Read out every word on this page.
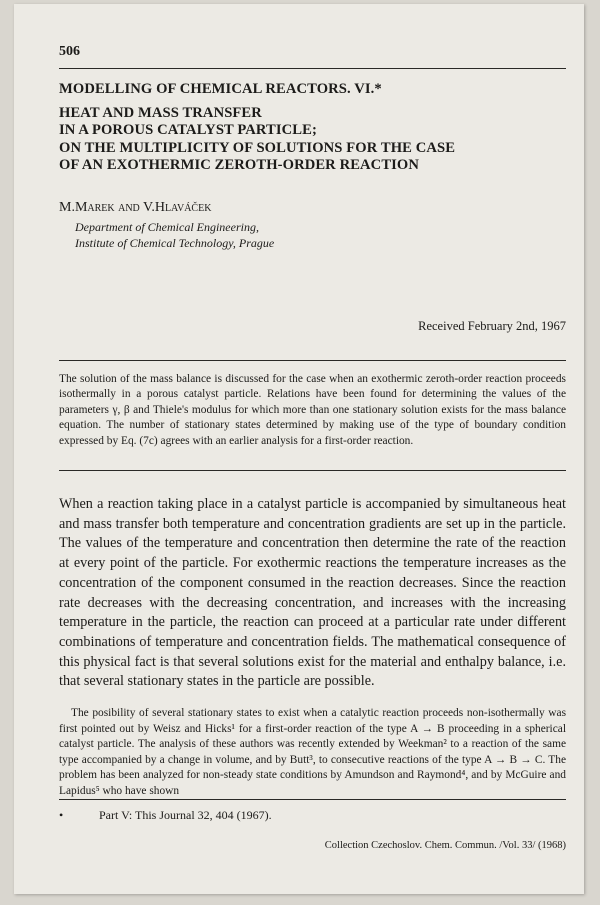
506
MODELLING OF CHEMICAL REACTORS. VI.*
HEAT AND MASS TRANSFER
IN A POROUS CATALYST PARTICLE;
ON THE MULTIPLICITY OF SOLUTIONS FOR THE CASE
OF AN EXOTHERMIC ZEROTH-ORDER REACTION
M.Marek and V.Hlaváček
Department of Chemical Engineering,
Institute of Chemical Technology, Prague
Received February 2nd, 1967

The solution of the mass balance is discussed for the case when an exothermic zeroth-order reaction proceeds isothermally in a porous catalyst particle. Relations have been found for determining the values of the parameters γ, β and Thiele's modulus for which more than one stationary solution exists for the mass balance equation. The number of stationary states determined by making use of the type of boundary condition expressed by Eq. (7c) agrees with an earlier analysis for a first-order reaction.

When a reaction taking place in a catalyst particle is accompanied by simultaneous heat and mass transfer both temperature and concentration gradients are set up in the particle. The values of the temperature and concentration then determine the rate of the reaction at every point of the particle. For exothermic reactions the temperature increases as the concentration of the component consumed in the reaction decreases. Since the reaction rate decreases with the decreasing concentration, and increases with the increasing temperature in the particle, the reaction can proceed at a particular rate under different combinations of temperature and concentration fields. The mathematical consequence of this physical fact is that several solutions exist for the material and enthalpy balance, i.e. that several stationary states in the particle are possible.

The posibility of several stationary states to exist when a catalytic reaction proceeds non-isothermally was first pointed out by Weisz and Hicks¹ for a first-order reaction of the type A → B proceeding in a spherical catalyst particle. The analysis of these authors was recently extended by Weekman² to a reaction of the same type accompanied by a change in volume, and by Butt³, to consecutive reactions of the type A → B → C. The problem has been analyzed for non-steady state conditions by Amundson and Raymond⁴, and by McGuire and Lapidus⁵ who have shown

•	Part V: This Journal 32, 404 (1967).
Collection Czechoslov. Chem. Commun. /Vol. 33/ (1968)
